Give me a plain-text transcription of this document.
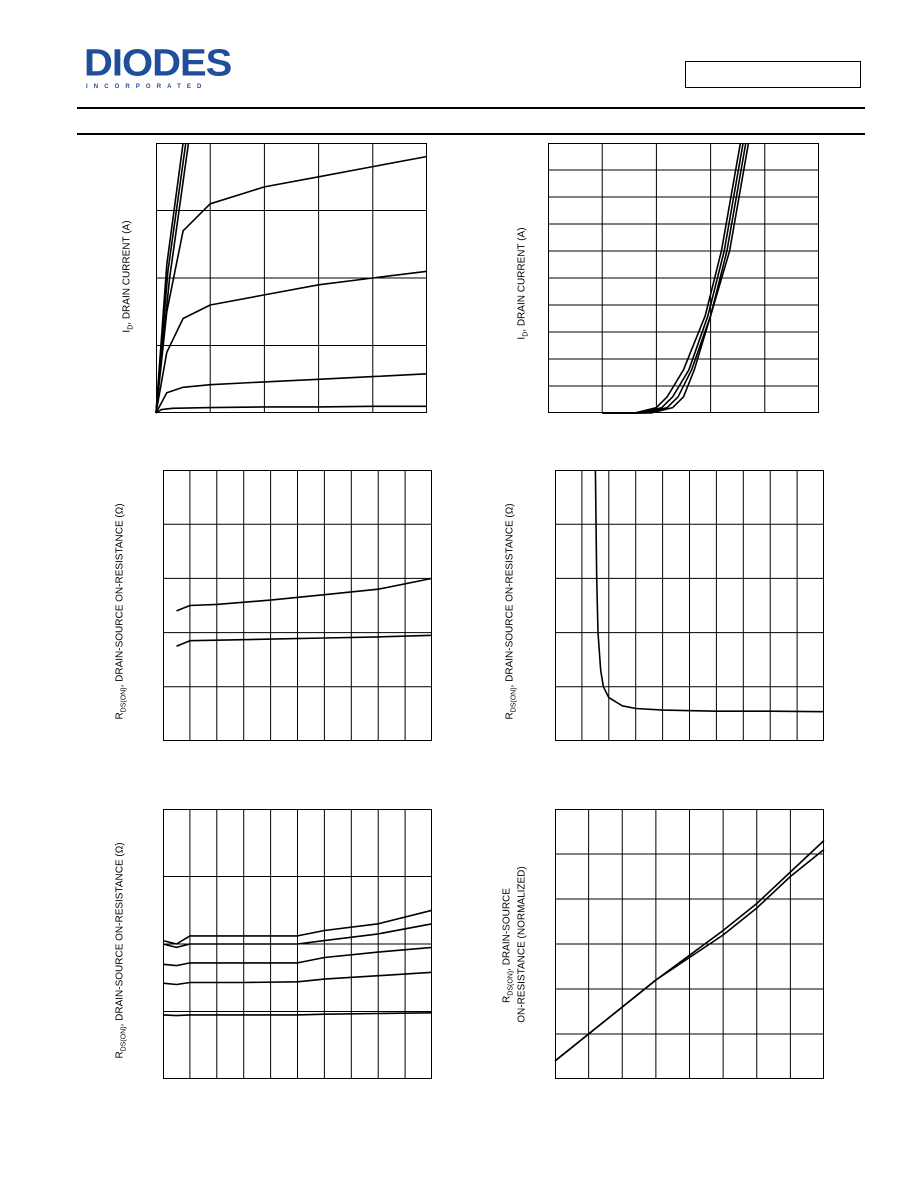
DIODES
INCORPORATED
$I_D$, DRAIN CURRENT (A)
$I_D$, DRAIN CURRENT (A)
$R_{DS(ON)}$, DRAIN-SOURCE ON-RESISTANCE (Ω)
$R_{DS(ON)}$, DRAIN-SOURCE ON-RESISTANCE (Ω)
$R_{DS(ON)}$, DRAIN-SOURCE ON-RESISTANCE (Ω)	$R_{DS(ON)}$, DRAIN-SOURCE ON-RESISTANCE (NORMALIZED)
